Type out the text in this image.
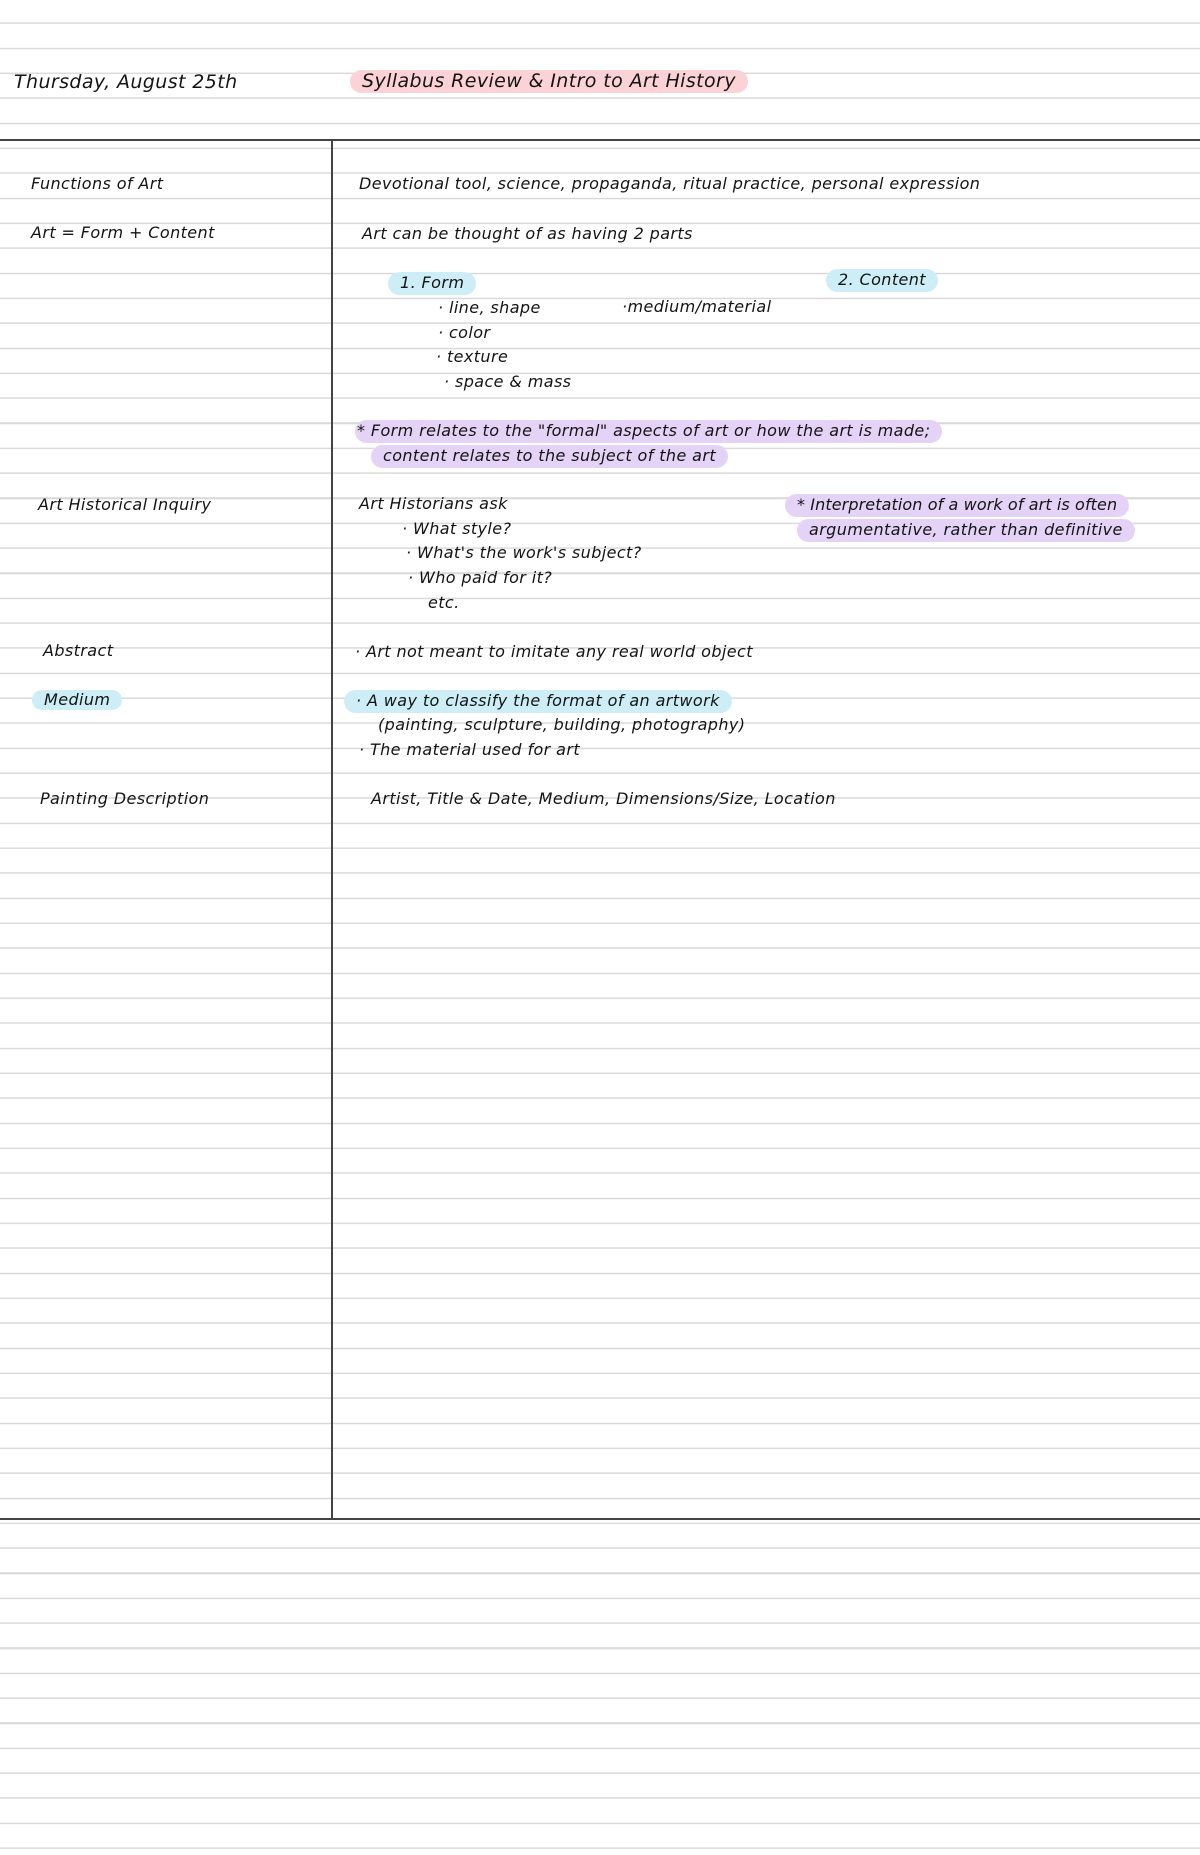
Thursday, August 25th	Syllabus Review & Intro to Art History
Functions of Art
Art = Form + Content
Art Historical Inquiry
Abstract
Medium
Painting Description
Devotional tool, science, propaganda, ritual practice, personal expression
Art can be thought of as having 2 parts
1. Form	2. Content
· line, shape
· color
· texture
· space & mass
·medium/material
* Form relates to the "formal" aspects of art or how the art is made;
content relates to the subject of the art
Art Historians ask
· What style?
· What's the work's subject?
· Who paid for it?
etc.
* Interpretation of a work of art is often
argumentative, rather than definitive
· Art not meant to imitate any real world object
· A way to classify the format of an artwork
(painting, sculpture, building, photography)
· The material used for art
Artist, Title & Date, Medium, Dimensions/Size, Location
